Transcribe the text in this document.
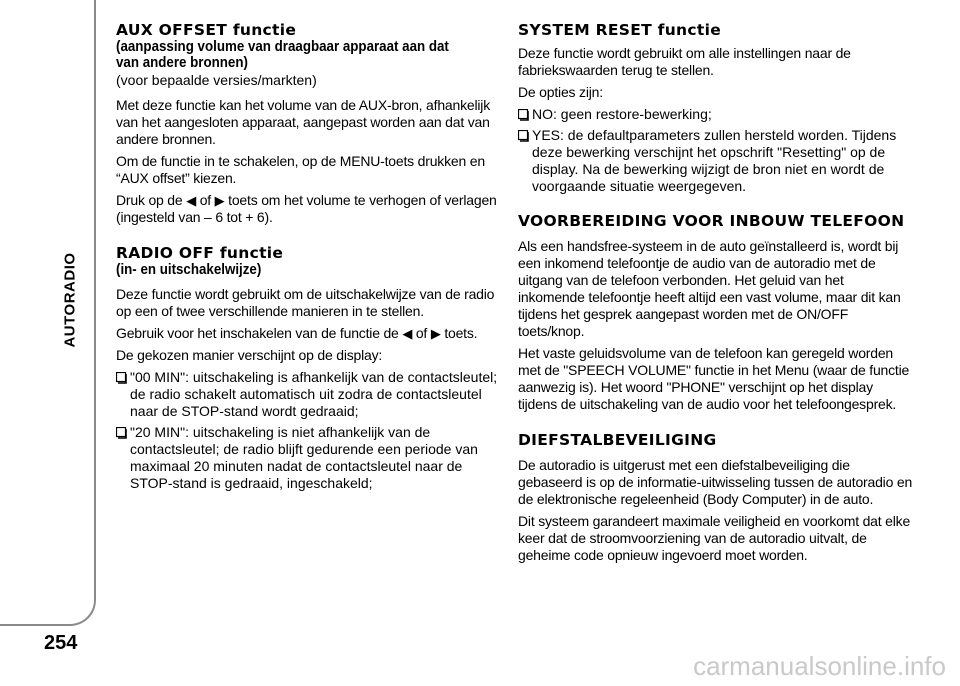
AUTORADIO
254
AUX OFFSET functie

(aanpassing volume van draagbaar apparaat aan dat van andere bronnen)

(voor bepaalde versies/markten)

Met deze functie kan het volume van de AUX-bron, afhankelijk van het aangesloten apparaat, aangepast worden aan dat van andere bronnen.

Om de functie in te schakelen, op de MENU-toets drukken en “AUX offset” kiezen.

Druk op de ◀ of ▶ toets om het volume te verhogen of verlagen (ingesteld van – 6 tot + 6).

RADIO OFF functie

(in- en uitschakelwijze)

Deze functie wordt gebruikt om de uitschakelwijze van de radio op een of twee verschillende manieren in te stellen.

Gebruik voor het inschakelen van de functie de ◀ of ▶ toets.

De gekozen manier verschijnt op de display:

"00 MIN": uitschakeling is afhankelijk van de contactsleutel; de radio schakelt automatisch uit zodra de contactsleutel naar de STOP-stand wordt gedraaid;
"20 MIN": uitschakeling is niet afhankelijk van de contactsleutel; de radio blijft gedurende een periode van maximaal 20 minuten nadat de contactsleutel naar de STOP-stand is gedraaid, ingeschakeld;
SYSTEM RESET functie

Deze functie wordt gebruikt om alle instellingen naar de fabriekswaarden terug te stellen.

De opties zijn:

NO: geen restore-bewerking;
YES: de defaultparameters zullen hersteld worden. Tijdens deze bewerking verschijnt het opschrift "Resetting" op de display. Na de bewerking wijzigt de bron niet en wordt de voorgaande situatie weergegeven.
VOORBEREIDING VOOR INBOUW TELEFOON

Als een handsfree-systeem in de auto geïnstalleerd is, wordt bij een inkomend telefoontje de audio van de autoradio met de uitgang van de telefoon verbonden. Het geluid van het inkomende telefoontje heeft altijd een vast volume, maar dit kan tijdens het gesprek aangepast worden met de ON/OFF toets/knop.

Het vaste geluidsvolume van de telefoon kan geregeld worden met de "SPEECH VOLUME" functie in het Menu (waar de functie aanwezig is). Het woord "PHONE" verschijnt op het display tijdens de uitschakeling van de audio voor het telefoongesprek.

DIEFSTALBEVEILIGING

De autoradio is uitgerust met een diefstalbeveiliging die gebaseerd is op de informatie-uitwisseling tussen de autoradio en de elektronische regeleenheid (Body Computer) in de auto.

Dit systeem garandeert maximale veiligheid en voorkomt dat elke keer dat de stroomvoorziening van de autoradio uitvalt, de geheime code opnieuw ingevoerd moet worden.

carmanualsonline.info
